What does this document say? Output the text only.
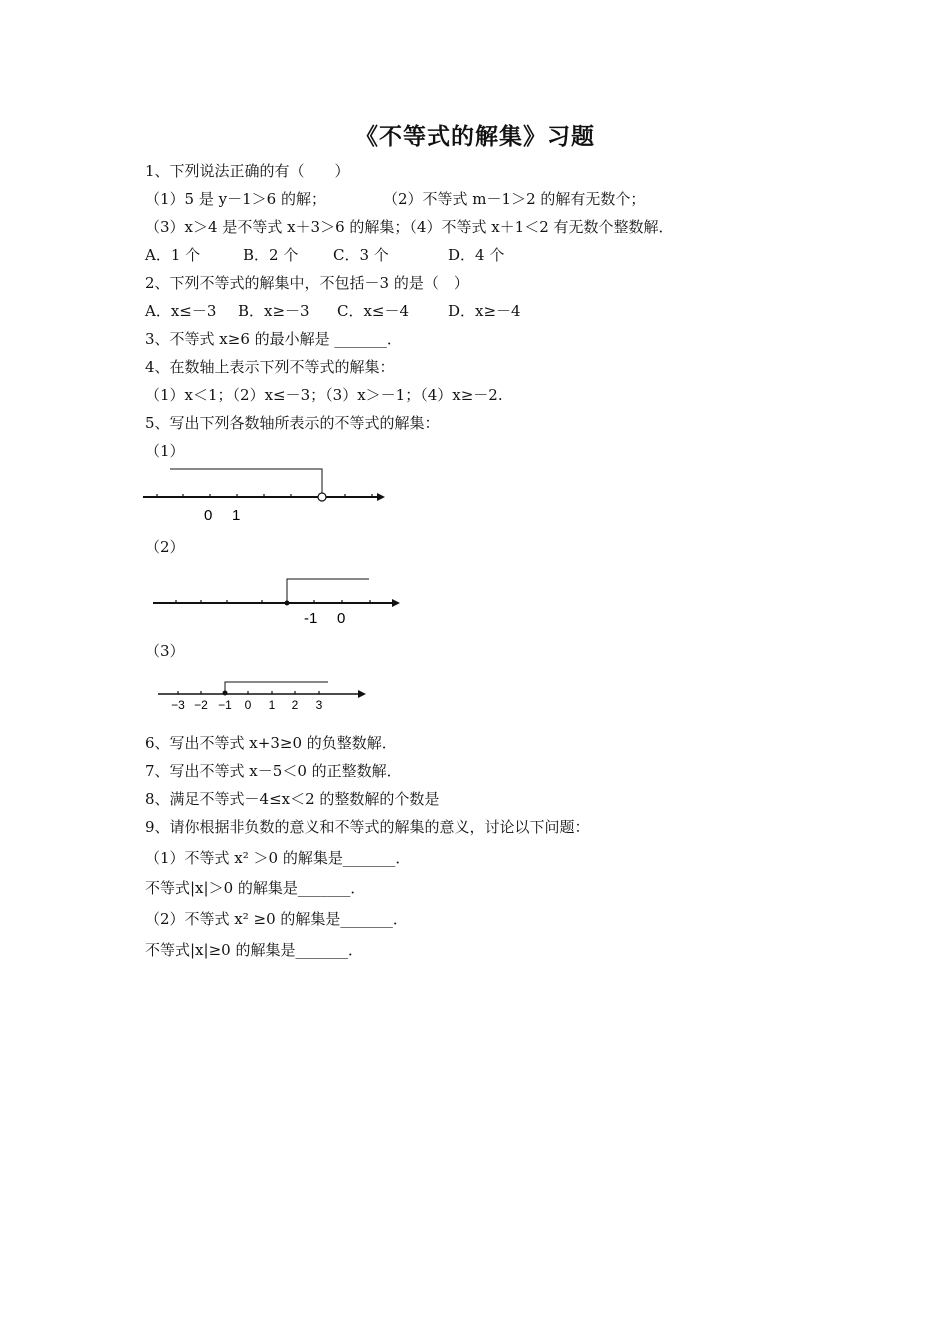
《不等式的解集》习题
1、下列说法正确的有（　　）
（1）5 是 y－1＞6 的解；	（2）不等式 m－1＞2 的解有无数个；
（3）x＞4 是不等式 x＋3＞6 的解集；（4）不等式 x＋1＜2 有无数个整数解．
A．1 个	B．2 个 C．3 个	D．4 个
2、下列不等式的解集中，不包括－3 的是（　）
A．x≤－3 B．x≥－3 C．x≤－4	D．x≥－4
3、不等式 x≥6 的最小解是 _______．
4、在数轴上表示下列不等式的解集：
（1）x＜1；（2）x≤－3；（3）x＞－1；（4）x≥－2.
5、写出下列各数轴所表示的不等式的解集：
（1）
0 1
（2）
-1 0
（3）
−3 −2 −1 0 1 2 3
6、写出不等式 x+3≥0 的负整数解．
7、写出不等式 x－5＜0 的正整数解．
8、满足不等式－4≤x＜2 的整数解的个数是
9、请你根据非负数的意义和不等式的解集的意义，讨论以下问题：
（1）不等式 x² ＞0 的解集是_______．
不等式|x|＞0 的解集是_______．
（2）不等式 x² ≥0 的解集是_______．
不等式|x|≥0 的解集是_______．
